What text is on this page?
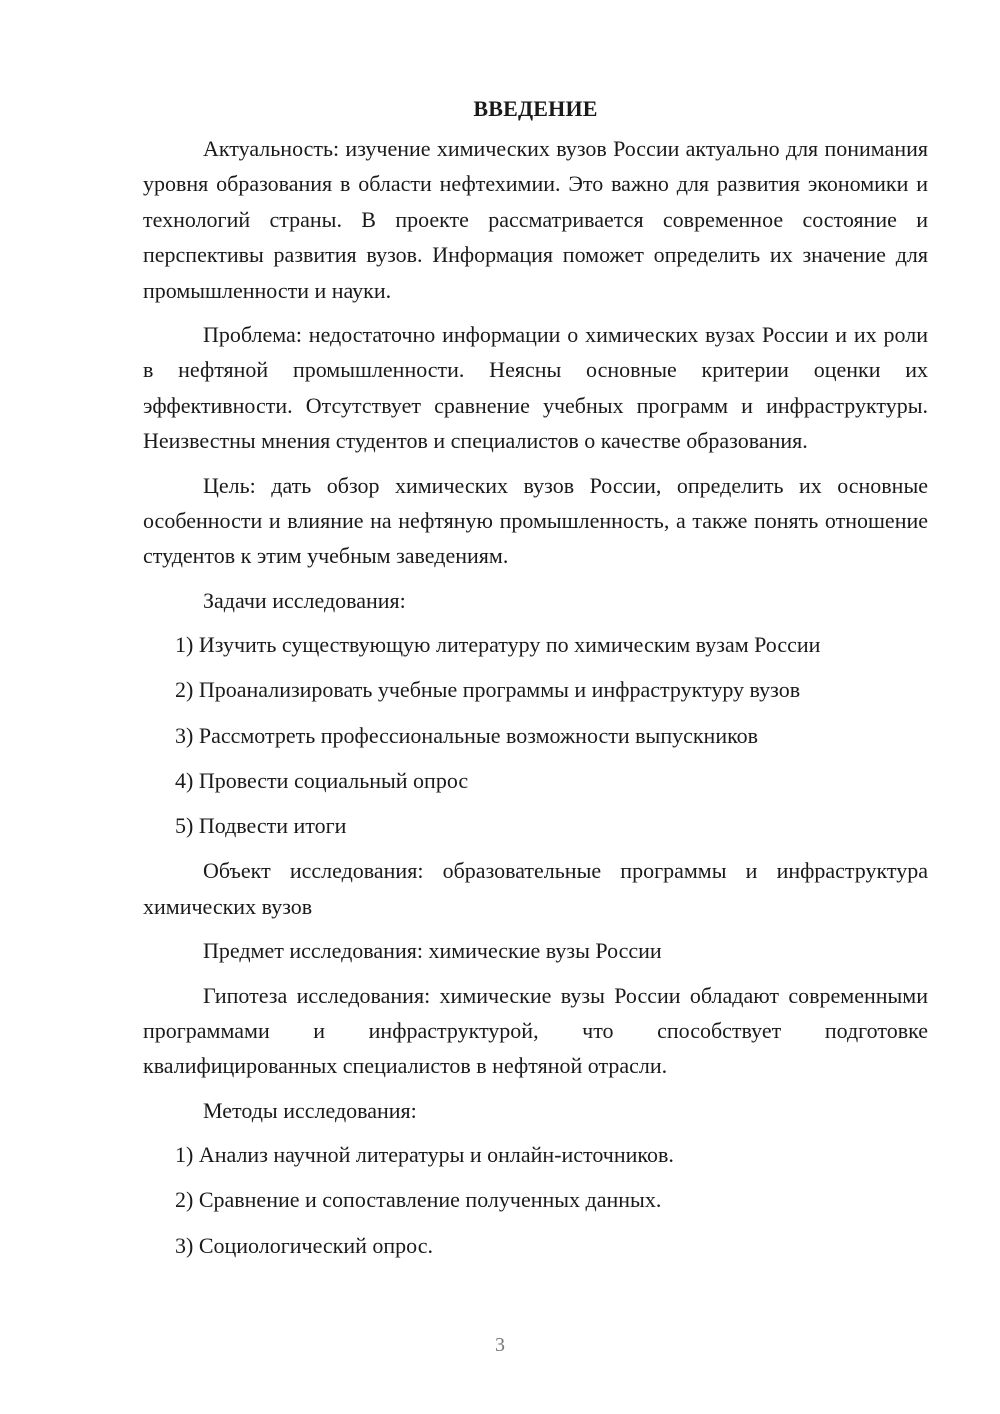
ВВЕДЕНИЕ

Актуальность: изучение химических вузов России актуально для понимания уровня образования в области нефтехимии. Это важно для развития экономики и технологий страны. В проекте рассматривается современное состояние и перспективы развития вузов. Информация поможет определить их значение для промышленности и науки.

Проблема: недостаточно информации о химических вузах России и их роли в нефтяной промышленности. Неясны основные критерии оценки их эффективности. Отсутствует сравнение учебных программ и инфраструктуры. Неизвестны мнения студентов и специалистов о качестве образования.

Цель: дать обзор химических вузов России, определить их основные особенности и влияние на нефтяную промышленность, а также понять отношение студентов к этим учебным заведениям.

Задачи исследования:

1) Изучить существующую литературу по химическим вузам России
2) Проанализировать учебные программы и инфраструктуру вузов
3) Рассмотреть профессиональные возможности выпускников
4) Провести социальный опрос
5) Подвести итоги

Объект исследования: образовательные программы и инфраструктура химических вузов

Предмет исследования: химические вузы России

Гипотеза исследования: химические вузы России обладают современными программами и инфраструктурой, что способствует подготовке квалифицированных специалистов в нефтяной отрасли.

Методы исследования:

1) Анализ научной литературы и онлайн-источников.
2) Сравнение и сопоставление полученных данных.
3) Социологический опрос.
3
